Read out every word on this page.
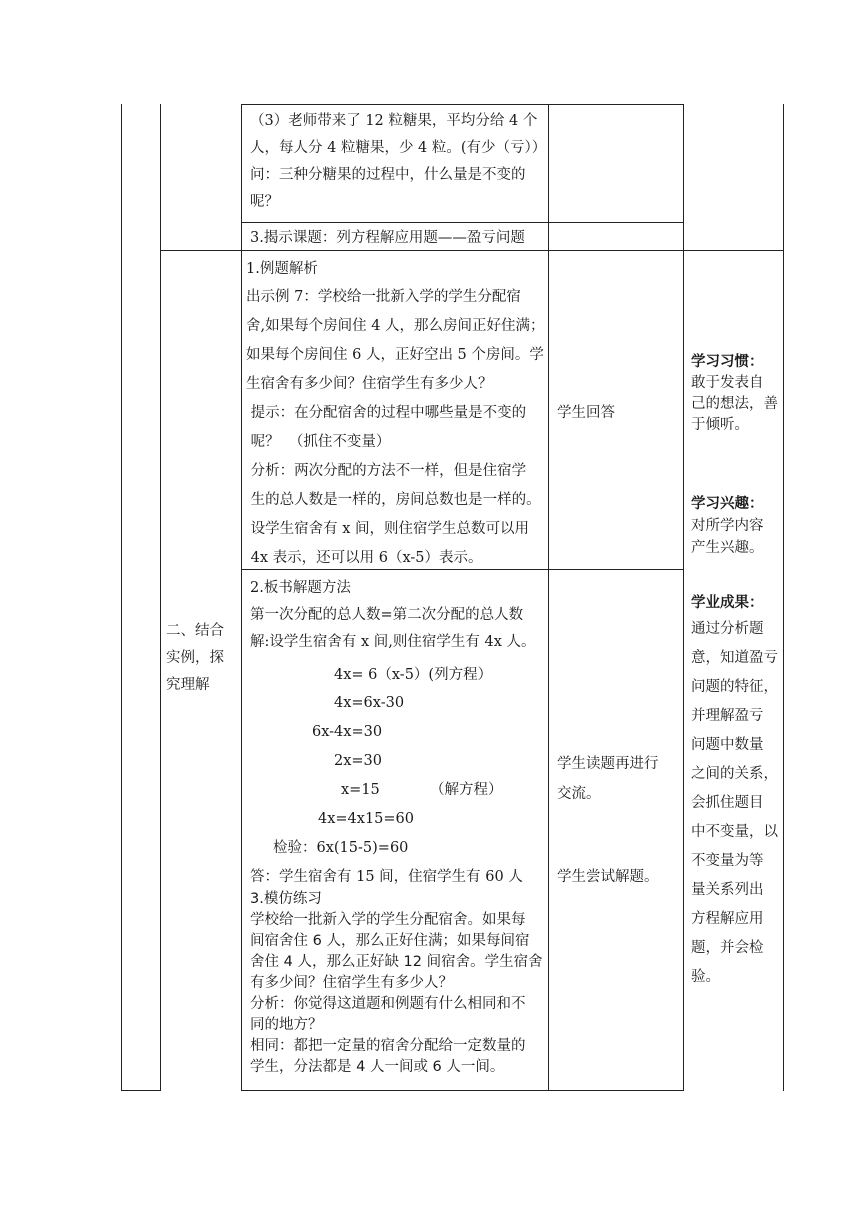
（3）老师带来了 12 粒糖果，平均分给 4 个

人，每人分 4 粒糖果，少 4 粒。(有少（亏））

问：三种分糖果的过程中，什么量是不变的

呢？

3.揭示课题：列方程解应用题——盈亏问题

二、结合

实例，探

究理解

1.例题解析

出示例 7：学校给一批新入学的学生分配宿

舍,如果每个房间住 4 人，那么房间正好住满；

如果每个房间住 6 人，正好空出 5 个房间。学

生宿舍有多少间？住宿学生有多少人？

提示：在分配宿舍的过程中哪些量是不变的

呢？  （抓住不变量）

分析：两次分配的方法不一样，但是住宿学

生的总人数是一样的，房间总数也是一样的。

设学生宿舍有 x 间，则住宿学生总数可以用

4x 表示，还可以用 6（x-5）表示。

学生回答

2.板书解题方法

第一次分配的总人数=第二次分配的总人数

解:设学生宿舍有 x 间,则住宿学生有 4x 人。

4x= 6（x-5）(列方程）
4x=6x-30
6x-4x=30
2x=30
x=15	（解方程）
4x=4x15=60
检验：6x(15-5)=60

答：学生宿舍有 15 间，住宿学生有 60 人

3.模仿练习

学校给一批新入学的学生分配宿舍。如果每

间宿舍住 6 人，那么正好住满；如果每间宿

舍住 4 人，那么正好缺 12 间宿舍。学生宿舍

有多少间？住宿学生有多少人？

分析：你觉得这道题和例题有什么相同和不

同的地方？

相同：都把一定量的宿舍分配给一定数量的

学生，分法都是 4 人一间或 6 人一间。

学生读题再进行

交流。

学生尝试解题。

学习习惯：

敢于发表自

己的想法，善

于倾听。

学习兴趣：

对所学内容

产生兴趣。

学业成果：

通过分析题

意，知道盈亏

问题的特征，

并理解盈亏

问题中数量

之间的关系，

会抓住题目

中不变量，以

不变量为等

量关系列出

方程解应用

题，并会检

验。
